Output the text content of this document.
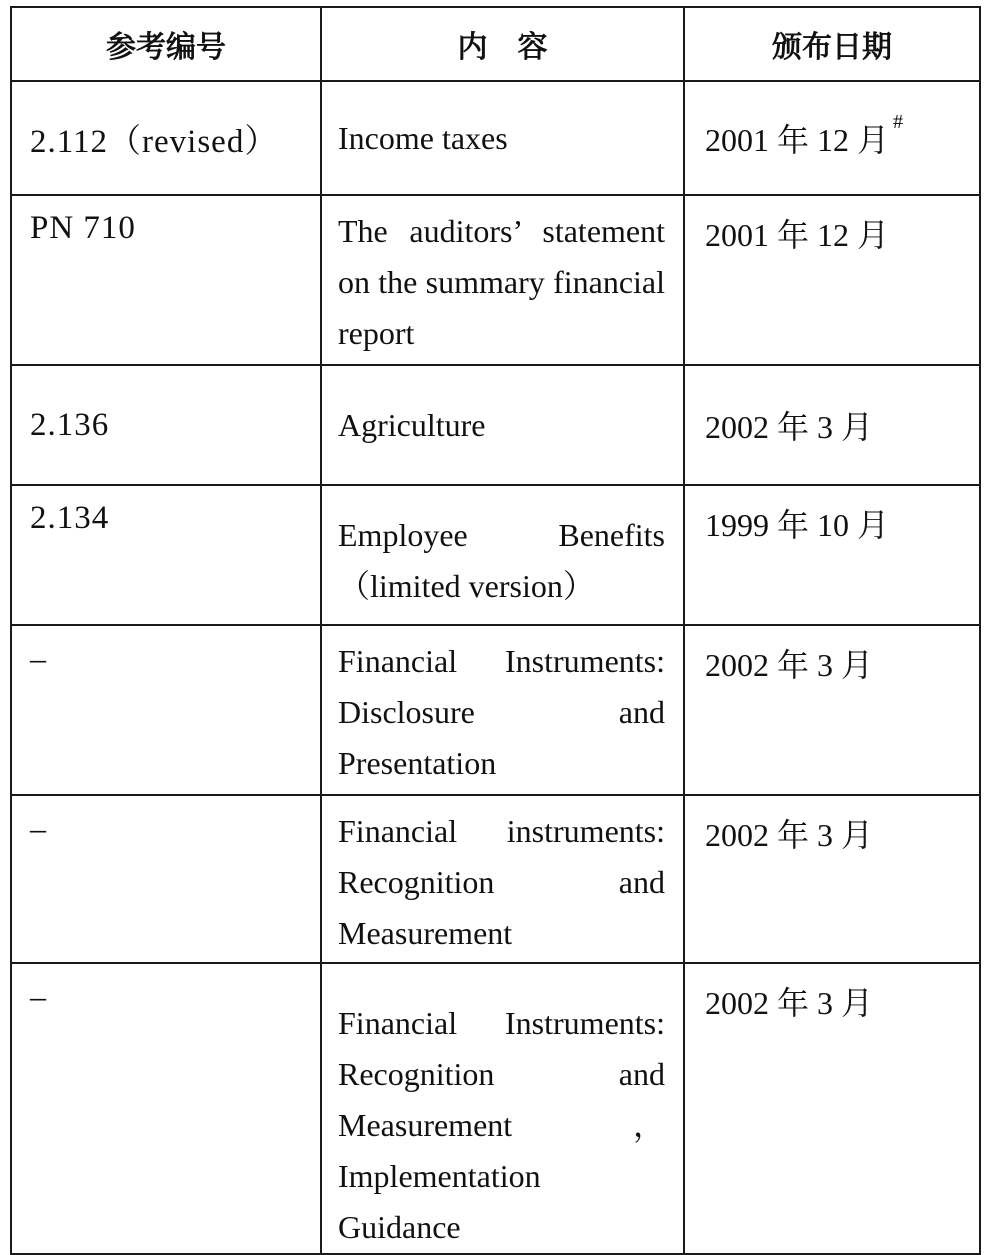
参考编号	内　容	颁布日期
2.112（revised）	Income taxes	2001 年 12 月 #
PN 710	The auditors’ statement on the summary financial report	2001 年 12 月
2.136	Agriculture	2002 年 3 月
2.134	Employee Benefits（limited version）	1999 年 10 月
–	Financial Instruments: Disclosure and Presentation	2002 年 3 月
–	Financial instruments: Recognition and Measurement	2002 年 3 月
–	Financial Instruments: Recognition and Measurement，Implementation Guidance	2002 年 3 月
